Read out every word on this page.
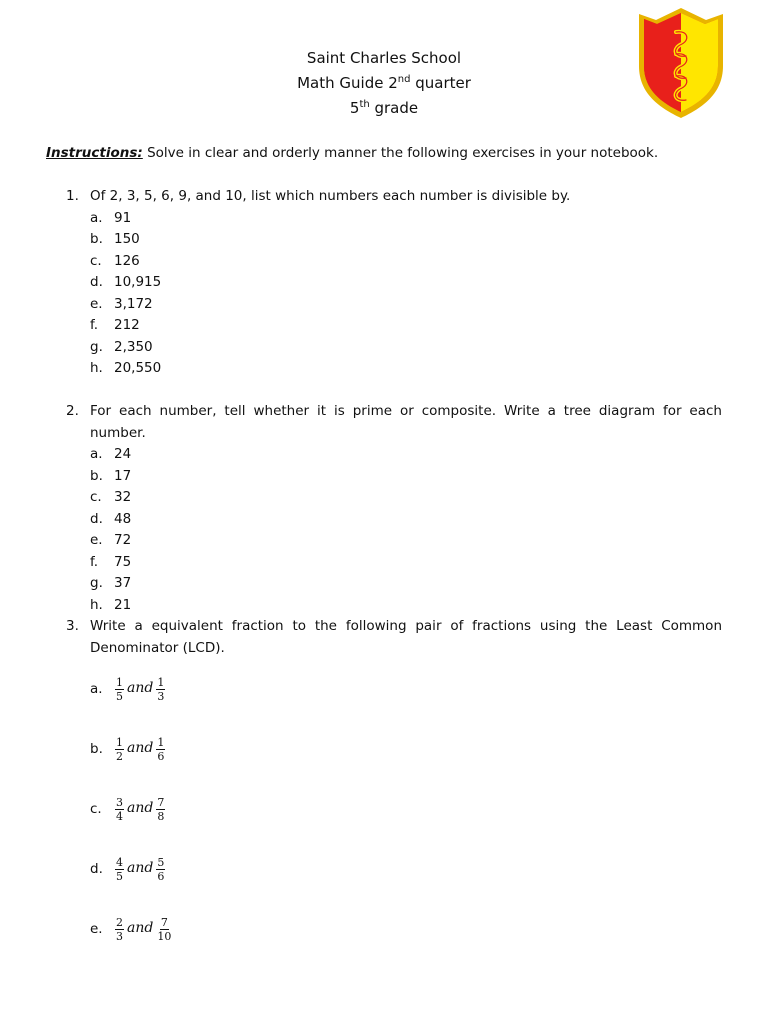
Saint Charles School
Math Guide 2nd quarter
5th grade
Instructions: Solve in clear and orderly manner the following exercises in your notebook.
1. Of 2, 3, 5, 6, 9, and 10, list which numbers each number is divisible by.
a. 91
b. 150
c. 126
d. 10,915
e. 3,172
f. 212
g. 2,350
h. 20,550
2. For each number, tell whether it is prime or composite. Write a tree diagram for each number.
a. 24
b. 17
c. 32
d. 48
e. 72
f. 75
g. 37
h. 21
3. Write a equivalent fraction to the following pair of fractions using the Least Common Denominator (LCD).
a. $\frac{1}{5}$ and $\frac{1}{3}$
b. $\frac{1}{2}$ and $\frac{1}{6}$
c. $\frac{3}{4}$ and $\frac{7}{8}$
d. $\frac{4}{5}$ and $\frac{5}{6}$
e. $\frac{2}{3}$ and $\frac{7}{10}$
